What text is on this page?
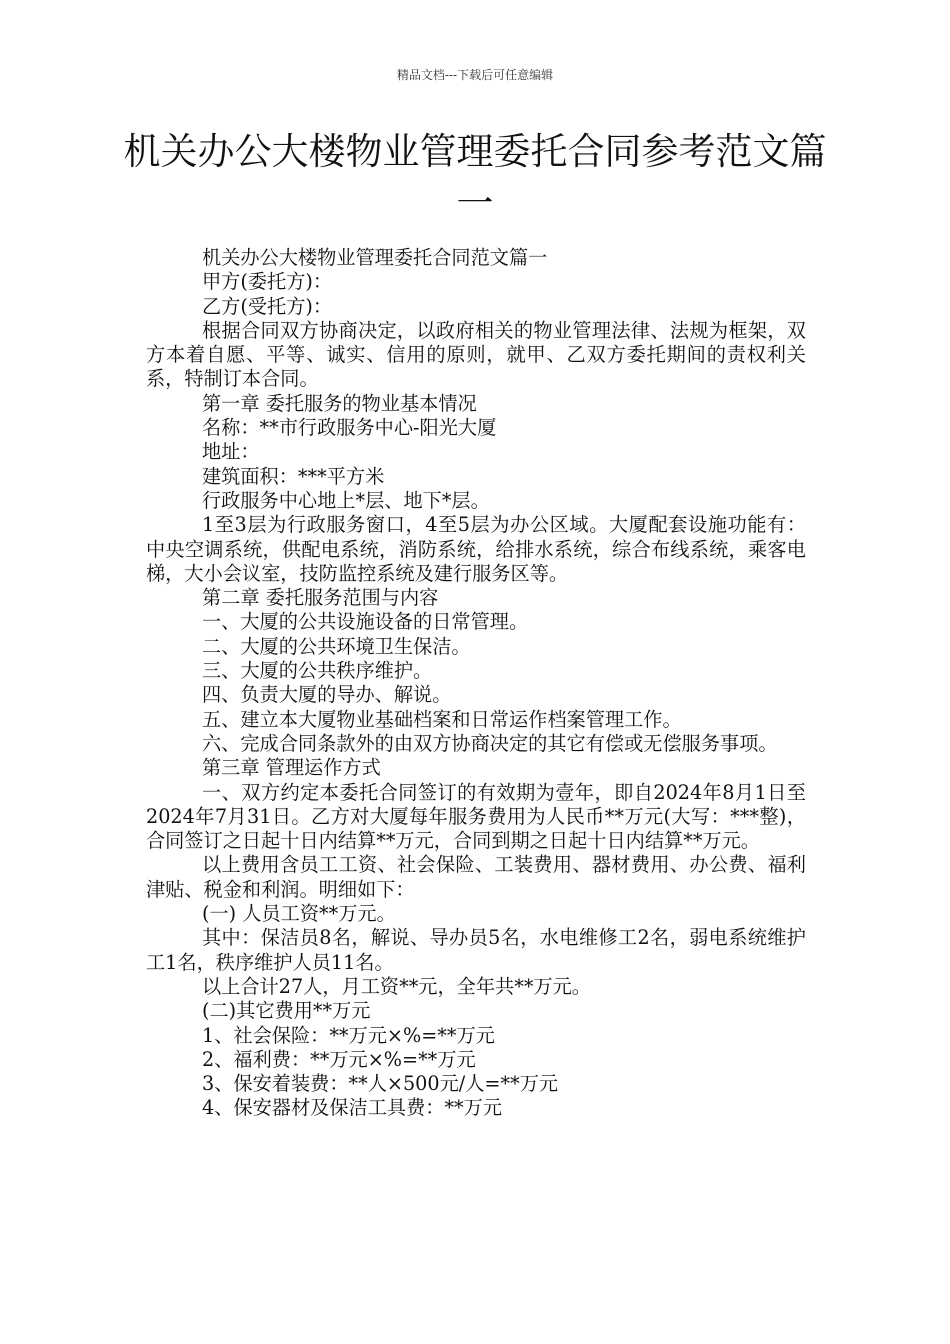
精品文档---下载后可任意编辑
机关办公大楼物业管理委托合同参考范文篇一

机关办公大楼物业管理委托合同范文篇一

甲方(委托方)：

乙方(受托方)：

根据合同双方协商决定，以政府相关的物业管理法律、法规为框架，双方本着自愿、平等、诚实、信用的原则，就甲、乙双方委托期间的责权利关系，特制订本合同。

第一章 委托服务的物业基本情况

名称：**市行政服务中心-阳光大厦

地址：

建筑面积：***平方米

行政服务中心地上*层、地下*层。

1至3层为行政服务窗口，4至5层为办公区域。大厦配套设施功能有：中央空调系统，供配电系统，消防系统，给排水系统，综合布线系统，乘客电梯，大小会议室，技防监控系统及建行服务区等。

第二章 委托服务范围与内容

一、大厦的公共设施设备的日常管理。

二、大厦的公共环境卫生保洁。

三、大厦的公共秩序维护。

四、负责大厦的导办、解说。

五、建立本大厦物业基础档案和日常运作档案管理工作。

六、完成合同条款外的由双方协商决定的其它有偿或无偿服务事项。

第三章 管理运作方式

一、双方约定本委托合同签订的有效期为壹年，即自2024年8月1日至2024年7月31日。乙方对大厦每年服务费用为人民币**万元(大写：***整)，合同签订之日起十日内结算**万元，合同到期之日起十日内结算**万元。

以上费用含员工工资、社会保险、工装费用、器材费用、办公费、福利津贴、税金和利润。明细如下：

(一) 人员工资**万元。

其中：保洁员8名，解说、导办员5名，水电维修工2名，弱电系统维护工1名，秩序维护人员11名。

以上合计27人，月工资**元，全年共**万元。

(二)其它费用**万元

1、社会保险：**万元×%=**万元

2、福利费：**万元×%=**万元

3、保安着装费：**人×500元/人=**万元

4、保安器材及保洁工具费：**万元
